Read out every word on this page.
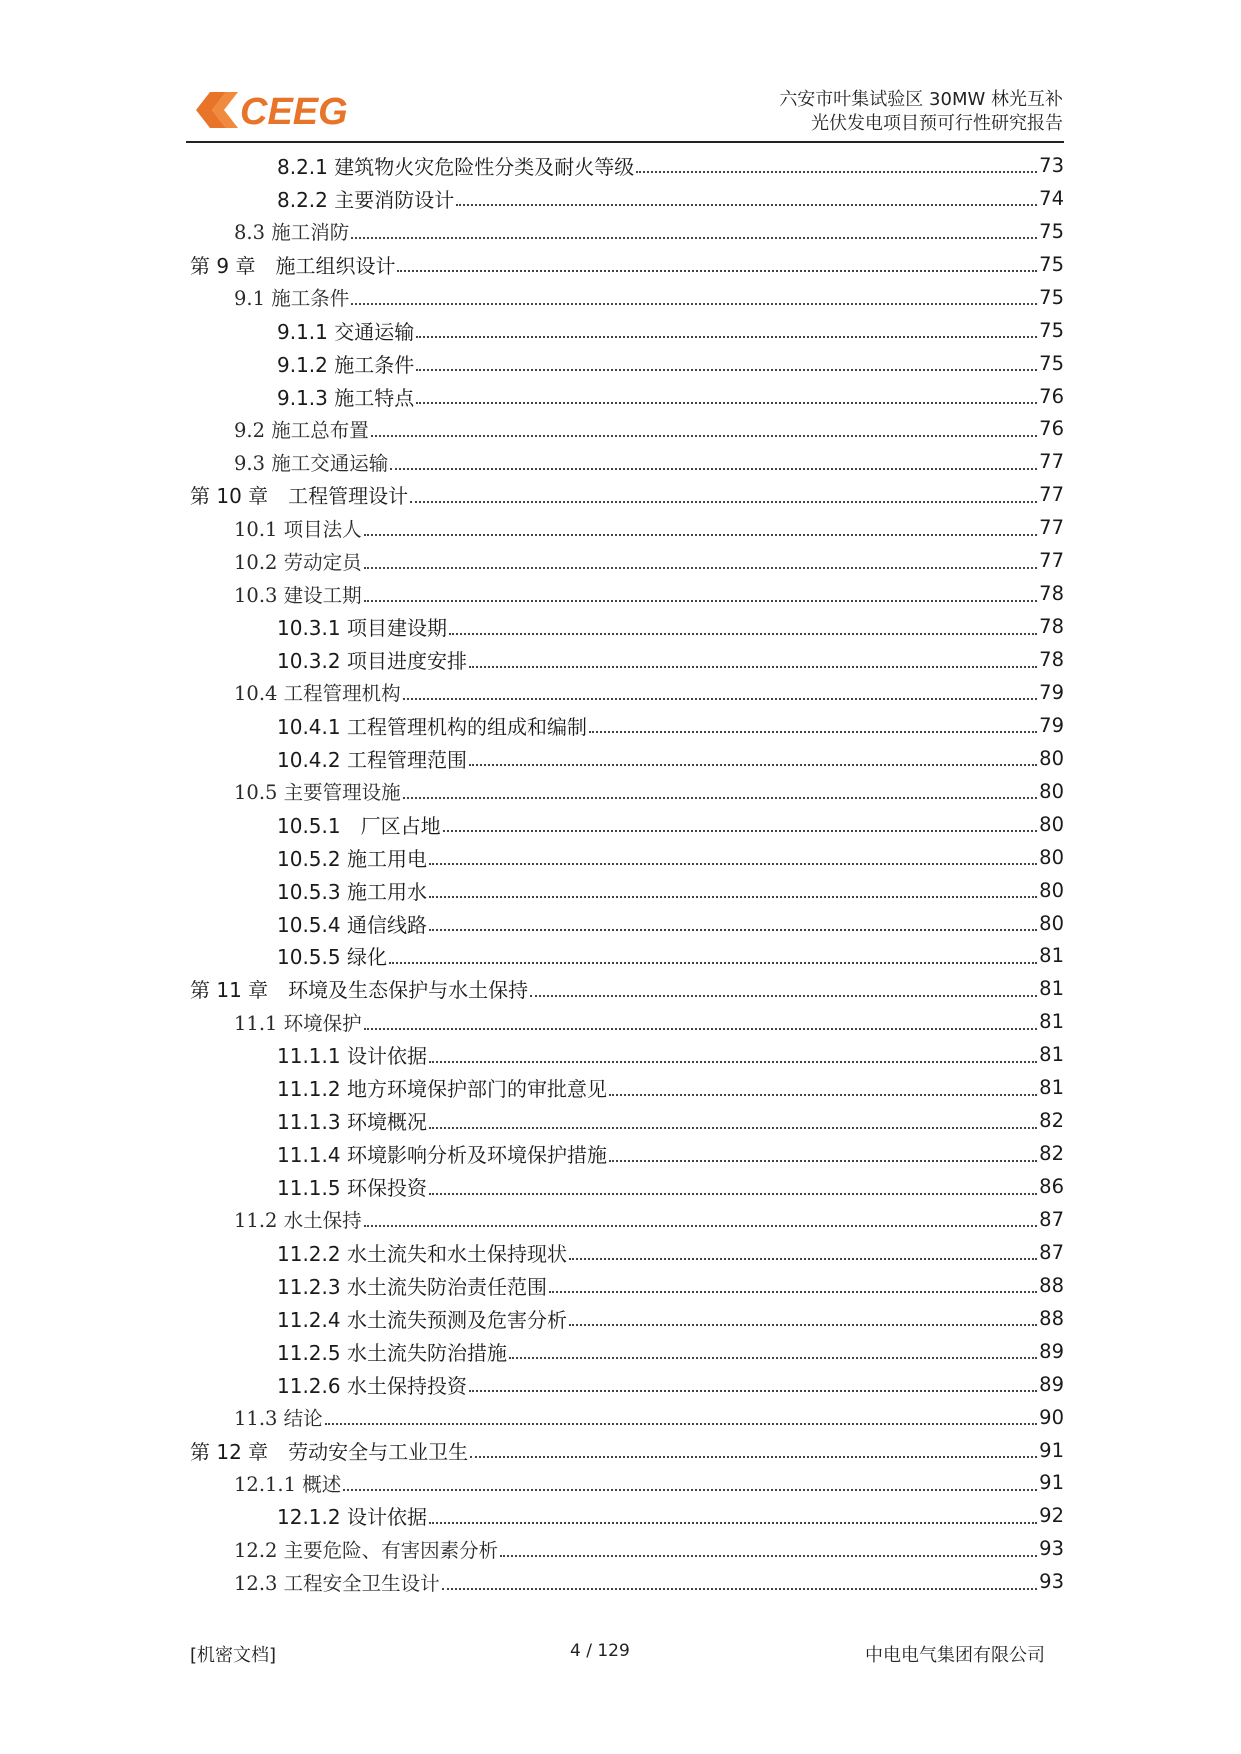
CEEG	六安市叶集试验区 30MW 林光互补
光伏发电项目预可行性研究报告
8.2.1 建筑物火灾危险性分类及耐火等级	73
8.2.2 主要消防设计	74
8.3 施工消防	75
第 9 章　施工组织设计	75
9.1 施工条件	75
9.1.1 交通运输	75
9.1.2 施工条件	75
9.1.3 施工特点	76
9.2 施工总布置	76
9.3 施工交通运输	77
第 10 章　工程管理设计	77
10.1 项目法人	77
10.2 劳动定员	77
10.3 建设工期	78
10.3.1 项目建设期	78
10.3.2 项目进度安排	78
10.4 工程管理机构	79
10.4.1 工程管理机构的组成和编制	79
10.4.2 工程管理范围	80
10.5 主要管理设施	80
10.5.1　厂区占地	80
10.5.2 施工用电	80
10.5.3 施工用水	80
10.5.4 通信线路	80
10.5.5 绿化	81
第 11 章　环境及生态保护与水土保持	81
11.1 环境保护	81
11.1.1 设计依据	81
11.1.2 地方环境保护部门的审批意见	81
11.1.3 环境概况	82
11.1.4 环境影响分析及环境保护措施	82
11.1.5 环保投资	86
11.2 水土保持	87
11.2.2 水土流失和水土保持现状	87
11.2.3 水土流失防治责任范围	88
11.2.4 水土流失预测及危害分析	88
11.2.5 水土流失防治措施	89
11.2.6 水土保持投资	89
11.3 结论	90
第 12 章　劳动安全与工业卫生	91
12.1.1 概述	91
12.1.2 设计依据	92
12.2 主要危险、有害因素分析	93
12.3 工程安全卫生设计	93
[机密文档]	4 / 129	中电电气集团有限公司
